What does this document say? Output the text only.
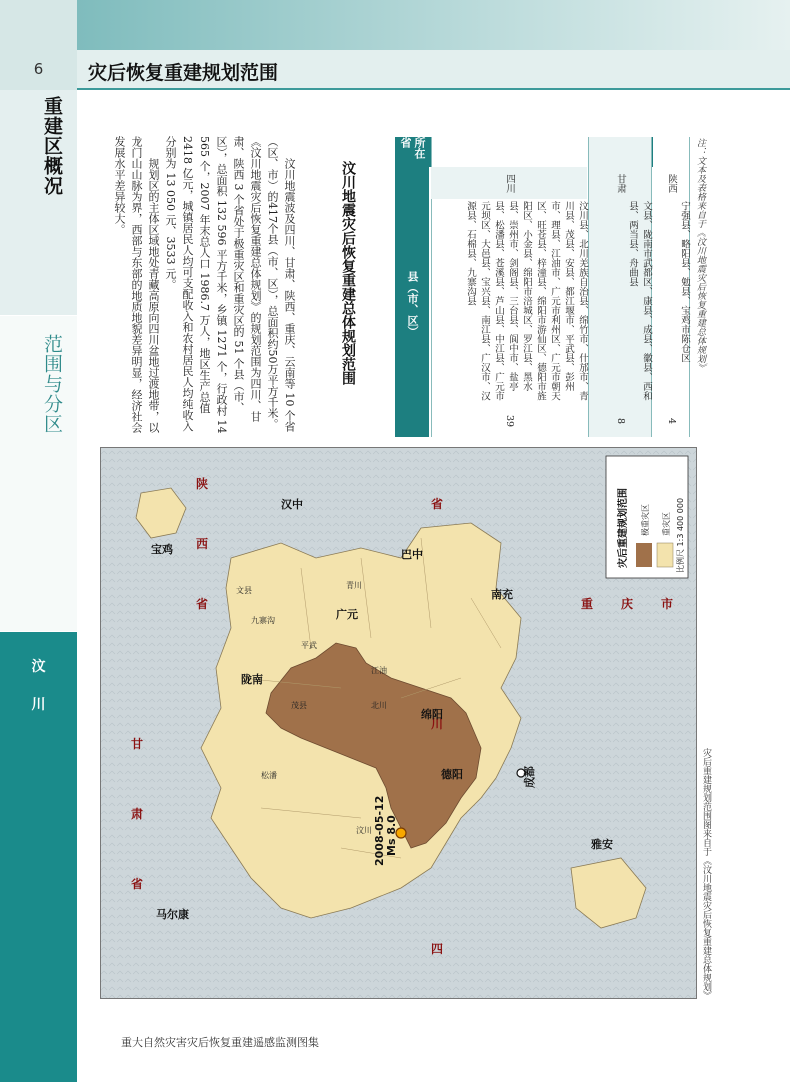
6
重建区概况
范围与分区
汶
川
灾后恢复重建规划范围

汶川地震波及四川、甘肃、陕西、重庆、云南等 10 个省（区、市）的417个县（市、区），总面积约50万平方千米。《汶川地震灾后恢复重建总体规划》的规划范围为四川、甘肃、陕西 3 个省处于极重灾区和重灾区的 51 个县（市、区），总面积 132 596 平方千米，乡镇 1271 个，行政村 14 565 个，2007 年末总人口 1986.7 万人，地区生产总值 2418 亿元，城镇居民人均可支配收入和农村居民人均纯收入分别为 13 050 元、3533 元。

规划区的主体区域地处青藏高原向四川盆地过渡地带，以龙门山山脉为界，西部与东部的地质地貌差异明显，经济社会发展水平差异较大。	汶川地震灾后恢复重建总体规划范围
所在省
县（市、区）
四川
汶川县、北川羌族自治县、绵竹市、什邡市、青川县、茂县、安县、都江堰市、平武县、彭州市、理县、江油市、广元市利州区、广元市朝天区、旺苍县、梓潼县、绵阳市游仙区、德阳市旌阳区、小金县、绵阳市涪城区、罗江县、黑水县、崇州市、剑阁县、三台县、阆中市、盐亭县、松潘县、苍溪县、芦山县、中江县、广元市元坝区、大邑县、宝兴县、南江县、广汉市、汉源县、石棉县、九寨沟县
39
甘肃
文县、陇南市武都区、康县、成县、徽县、西和县、两当县、舟曲县
8
陕西
宁强县、略阳县、勉县、宝鸡市陈仓区
4
注：文本及表格来自于《汶川地震灾后恢复重建总体规划》
2008-05-12 Ms 8.0
成都
陕
西
省
甘
肃
省
四
川
省
重 庆 市
德阳
绵阳
广元
巴中
南充
汉中
宝鸡
陇南
马尔康
雅安
汶川
茂县	北川
江油
青川
平武
松潘
九寨沟
文县
灾后重建规划范围 极重灾区 重灾区 比例尺 1:3 400 000
灾后重建规划范围图来自于《汶川地震灾后恢复重建总体规划》
重大自然灾害灾后恢复重建遥感监测图集
